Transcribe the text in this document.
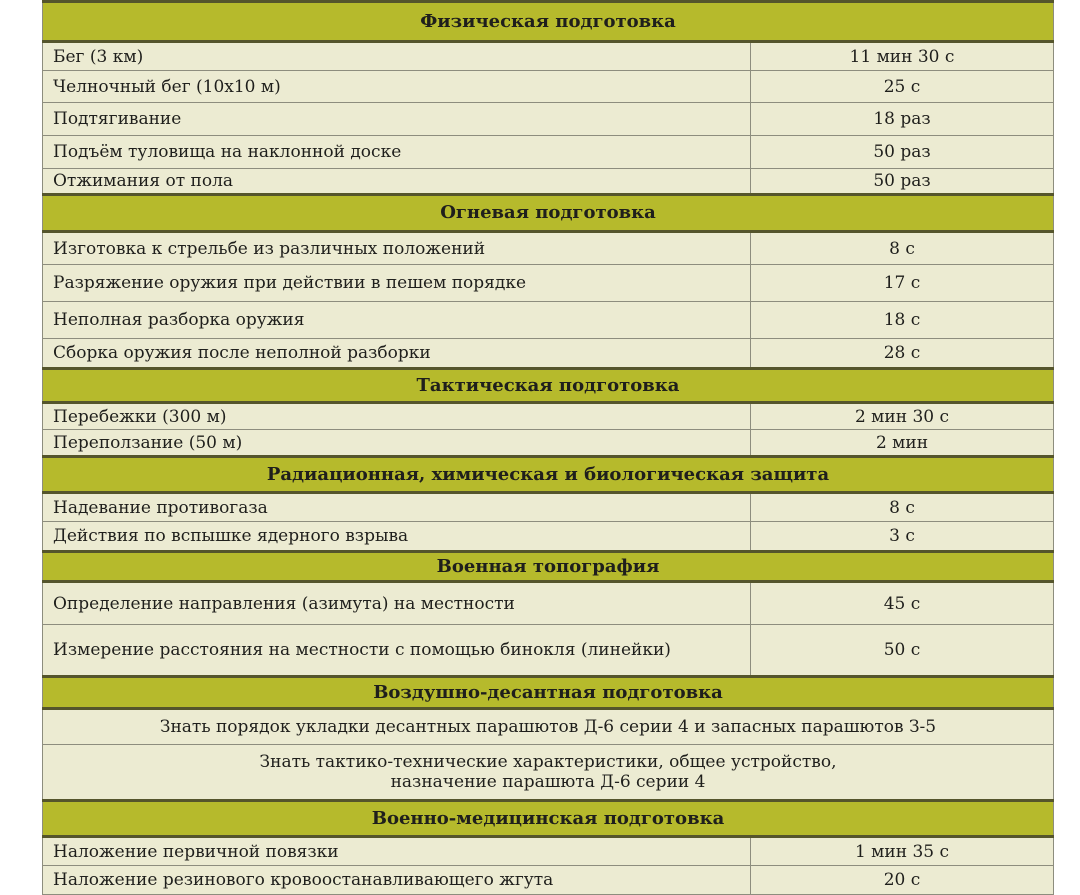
Физическая подготовка	
Бег (3 км)	11 мин 30 с
Челночный бег (10х10 м)	25 с
Подтягивание	18 раз
Подъём туловища на наклонной доске	50 раз
Отжимания от пола	50 раз
Огневая подготовка	
Изготовка к стрельбе из различных положений	8 с
Разряжение оружия при действии в пешем порядке	17 с
Неполная разборка оружия	18 с
Сборка оружия после неполной разборки	28 с
Тактическая подготовка	
Перебежки (300 м)	2 мин 30 с
Переползание (50 м)	2 мин
Радиационная, химическая и биологическая защита	
Надевание противогаза	8 с
Действия по вспышке ядерного взрыва	3 с
Военная топография	
Определение направления (азимута) на местности	45 с
Измерение расстояния на местности с помощью бинокля (линейки)	50 с
Воздушно-десантная подготовка	

Знать порядок укладки десантных парашютов Д-6 серии 4 и запасных парашютов З-5	

Знать тактико-технические характеристики, общее устройство,
назначение парашюта Д-6 серии 4	

Военно-медицинская подготовка	
Наложение первичной повязки	1 мин 35 с
Наложение резинового кровоостанавливающего жгута	20 с
